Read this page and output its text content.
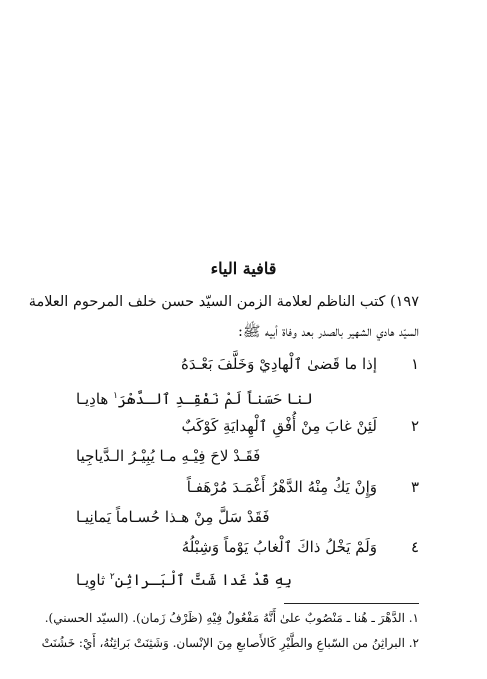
قافية الياء
١٩٧) كتب الناظم لعلامة الزمن السيّد حسن خلف المرحوم العلامة
السيّد هادي الشهير بالصدر بعد وفاة أبيه ﷺ:
١
إذا ما قَضىٰ ٱلْهادِيْ وَخَلَّفَ بَعْـدَهُ
لنا حَسَناً لَمْ نَفْقِـدِ ٱلـدَّهْرَ$^١$ هادِيـا
٢
لَئِنْ غابَ مِنْ أُفْقِ ٱلْهِدايَةِ كَوْكَبٌ
فَقَـدْ لاحَ فِيْـهِ مـا يُبِيْـرُ الـدَّياجِيا
٣
وَإِنْ يَكُ مِنْهُ الدَّهْرُ أَغْمَـدَ مُرْهَفـاً
فَقَدْ سَلَّ مِنْ هـذا حُسـاماً يَمانِيـا
٤
وَلَمْ يَخْلُ ذاكَ ٱلْغابُ يَوْماً وَشِبْلُهُ
بِهِ قَدْ غَدا شَتَّ ٱلْبَـراثِنِ$^٢$ ثاوِيـا
١. الدَّهْرَ ـ هُنا ـ مَنْصُوبٌ علىٰ أَنَّهُ مَفْعُولٌ فِيْهِ (ظَرْفُ زَمان). (السيّد الحسني).
٢. البراثِنُ من السّباعِ والطَّيْرِ كَالأَصابعِ مِنَ الإنْسان. وَشَثِنَتْ بَراثِنُهُ، أَيْ: خَشُنَتْ
